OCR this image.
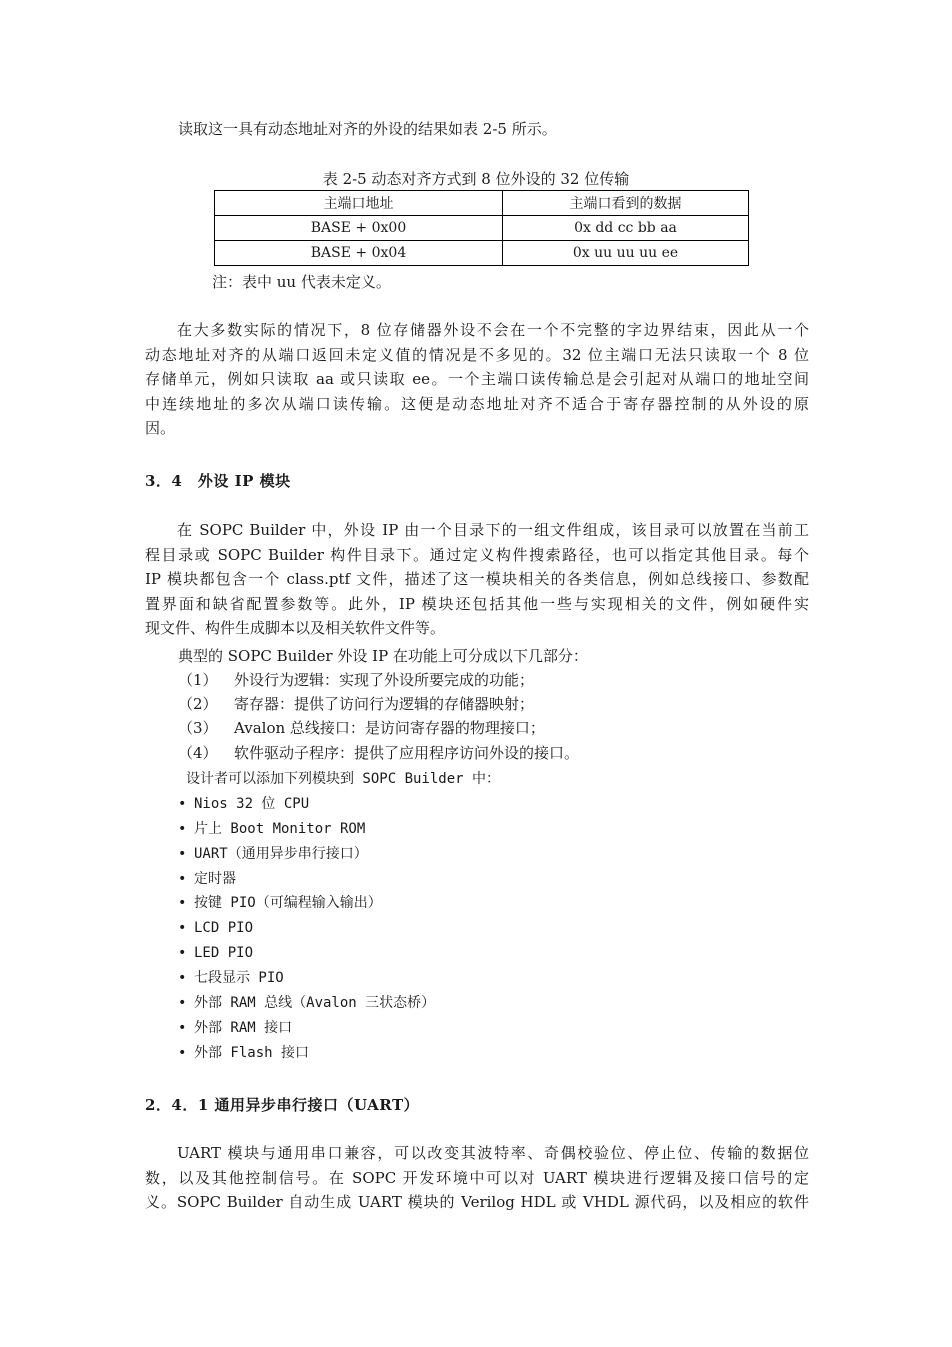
读取这一具有动态地址对齐的外设的结果如表 2-5 所示。
表 2-5 动态对齐方式到 8 位外设的 32 位传输
主端口地址	主端口看到的数据
BASE + 0x00	0x dd cc bb aa
BASE + 0x04	0x uu uu uu ee
注：表中 uu 代表未定义。

在大多数实际的情况下，8 位存储器外设不会在一个不完整的字边界结束，因此从一个
动态地址对齐的从端口返回未定义值的情况是不多见的。32 位主端口无法只读取一个 8 位
存储单元，例如只读取 aa 或只读取 ee。一个主端口读传输总是会引起对从端口的地址空间
中连续地址的多次从端口读传输。这便是动态地址对齐不适合于寄存器控制的从外设的原
因。

3．4　外设 IP 模块

在 SOPC Builder 中，外设 IP 由一个目录下的一组文件组成，该目录可以放置在当前工
程目录或 SOPC Builder 构件目录下。通过定义构件搜索路径，也可以指定其他目录。每个
IP 模块都包含一个 class.ptf 文件，描述了这一模块相关的各类信息，例如总线接口、参数配
置界面和缺省配置参数等。此外，IP 模块还包括其他一些与实现相关的文件，例如硬件实
现文件、构件生成脚本以及相关软件文件等。

典型的 SOPC Builder 外设 IP 在功能上可分成以下几部分：
（1） 外设行为逻辑：实现了外设所要完成的功能；
（2） 寄存器：提供了访问行为逻辑的存储器映射；
（3） Avalon 总线接口：是访问寄存器的物理接口；
（4） 软件驱动子程序：提供了应用程序访问外设的接口。
设计者可以添加下列模块到 SOPC Builder 中：
• Nios 32 位 CPU
• 片上 Boot Monitor ROM
• UART（通用异步串行接口）
• 定时器
• 按键 PIO（可编程输入输出）
• LCD PIO
• LED PIO
• 七段显示 PIO
• 外部 RAM 总线（Avalon 三状态桥）
• 外部 RAM 接口
• 外部 Flash 接口
2．4．1 通用异步串行接口（UART）

UART 模块与通用串口兼容，可以改变其波特率、奇偶校验位、停止位、传输的数据位
数，以及其他控制信号。在 SOPC 开发环境中可以对 UART 模块进行逻辑及接口信号的定
义。SOPC Builder 自动生成 UART 模块的 Verilog HDL 或 VHDL 源代码，以及相应的软件
